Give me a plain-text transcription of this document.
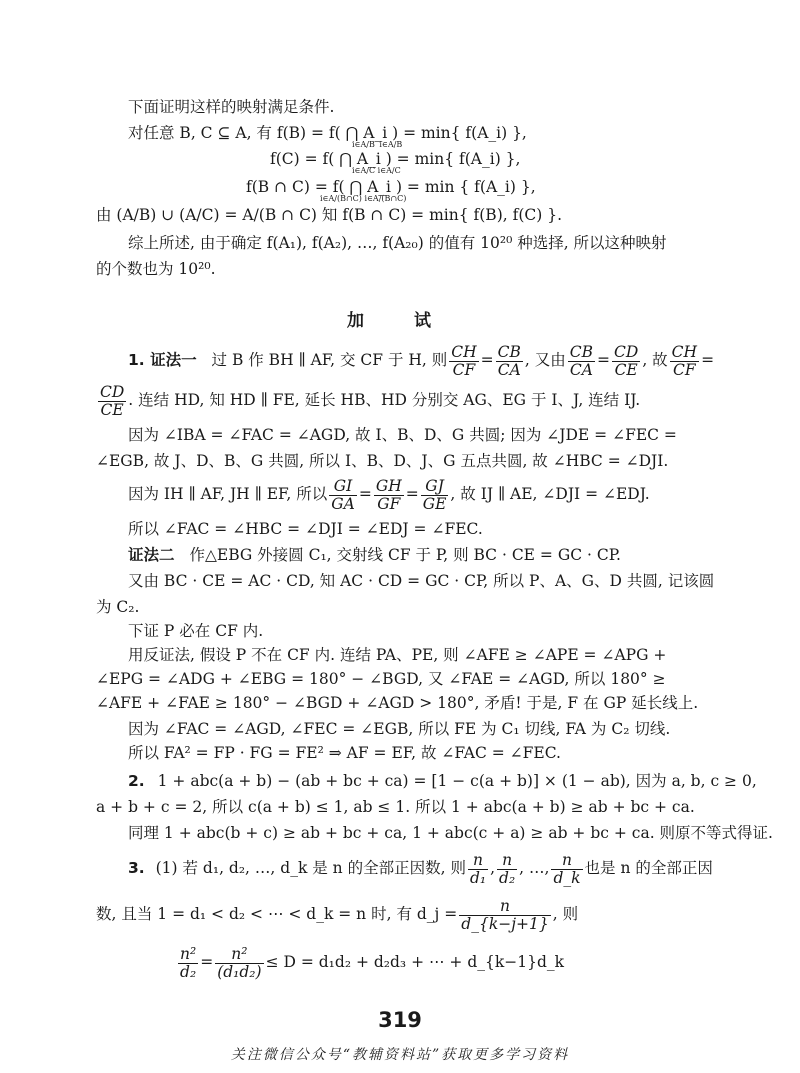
下面证明这样的映射满足条件.
对任意 B, C ⊆ A, 有 f(B) = f( ⋂ A_i ) = min{ f(A_i) },
i∈A/B i∈A/B
f(C) = f( ⋂ A_i ) = min{ f(A_i) },
i∈A/C i∈A/C
f(B ∩ C) = f( ⋂ A_i ) = min { f(A_i) },
i∈A/(B∩C) i∈A/(B∩C)
由 (A/B) ∪ (A/C) = A/(B ∩ C) 知 f(B ∩ C) = min{ f(B), f(C) }.
综上所述, 由于确定 f(A₁), f(A₂), …, f(A₂₀) 的值有 10²⁰ 种选择, 所以这种映射
的个数也为 10²⁰.
加 试
1. 证法一 过 B 作 BH ∥ AF, 交 CF 于 H, 则 $\frac{CH}{CF} = \frac{CB}{CA}$ , 又由 $\frac{CB}{CA} = \frac{CD}{CE}$ , 故 $\frac{CH}{CF}$ =
$\frac{CD}{CE}$ . 连结 HD, 知 HD ∥ FE, 延长 HB、HD 分别交 AG、EG 于 I、J, 连结 IJ.
因为 ∠IBA = ∠FAC = ∠AGD, 故 I、B、D、G 共圆; 因为 ∠JDE = ∠FEC =
∠EGB, 故 J、D、B、G 共圆, 所以 I、B、D、J、G 五点共圆, 故 ∠HBC = ∠DJI.
因为 IH ∥ AF, JH ∥ EF, 所以 $\frac{GI}{GA} = \frac{GH}{GF} = \frac{GJ}{GE}$ , 故 IJ ∥ AE, ∠DJI = ∠EDJ.
所以 ∠FAC = ∠HBC = ∠DJI = ∠EDJ = ∠FEC.
证法二 作△EBG 外接圆 C₁, 交射线 CF 于 P, 则 BC · CE = GC · CP.
又由 BC · CE = AC · CD, 知 AC · CD = GC · CP, 所以 P、A、G、D 共圆, 记该圆
为 C₂.
下证 P 必在 CF 内.
用反证法, 假设 P 不在 CF 内. 连结 PA、PE, 则 ∠AFE ≥ ∠APE = ∠APG +
∠EPG = ∠ADG + ∠EBG = 180° − ∠BGD, 又 ∠FAE = ∠AGD, 所以 180° ≥
∠AFE + ∠FAE ≥ 180° − ∠BGD + ∠AGD > 180°, 矛盾! 于是, F 在 GP 延长线上.
因为 ∠FAC = ∠AGD, ∠FEC = ∠EGB, 所以 FE 为 C₁ 切线, FA 为 C₂ 切线.
所以 FA² = FP · FG = FE² ⇒ AF = EF, 故 ∠FAC = ∠FEC.
2. 1 + abc(a + b) − (ab + bc + ca) = [1 − c(a + b)] × (1 − ab), 因为 a, b, c ≥ 0,
a + b + c = 2, 所以 c(a + b) ≤ 1, ab ≤ 1. 所以 1 + abc(a + b) ≥ ab + bc + ca.
同理 1 + abc(b + c) ≥ ab + bc + ca, 1 + abc(c + a) ≥ ab + bc + ca. 则原不等式得证.
3. (1) 若 d₁, d₂, …, d_k 是 n 的全部正因数, 则 $\frac{n}{\text{d₁}}$ , $\frac{n}{\text{d₂}}$ , …, $\frac{n}{d\_k}$ 也是 n 的全部正因
数, 且当 1 = d₁ < d₂ < ⋯ < d_k = n 时, 有 d_j = $\frac{n}{d\_\{k-j+1\}}$ , 则
$\frac{\text{n²}}{\text{d₂}} = \frac{\text{n²}}{\text{(d₁d₂)}} \le D = d_1d_2 + d_2d_3$ + ⋯ + d_{k−1}d_k
319
关注微信公众号“教辅资料站”获取更多学习资料
